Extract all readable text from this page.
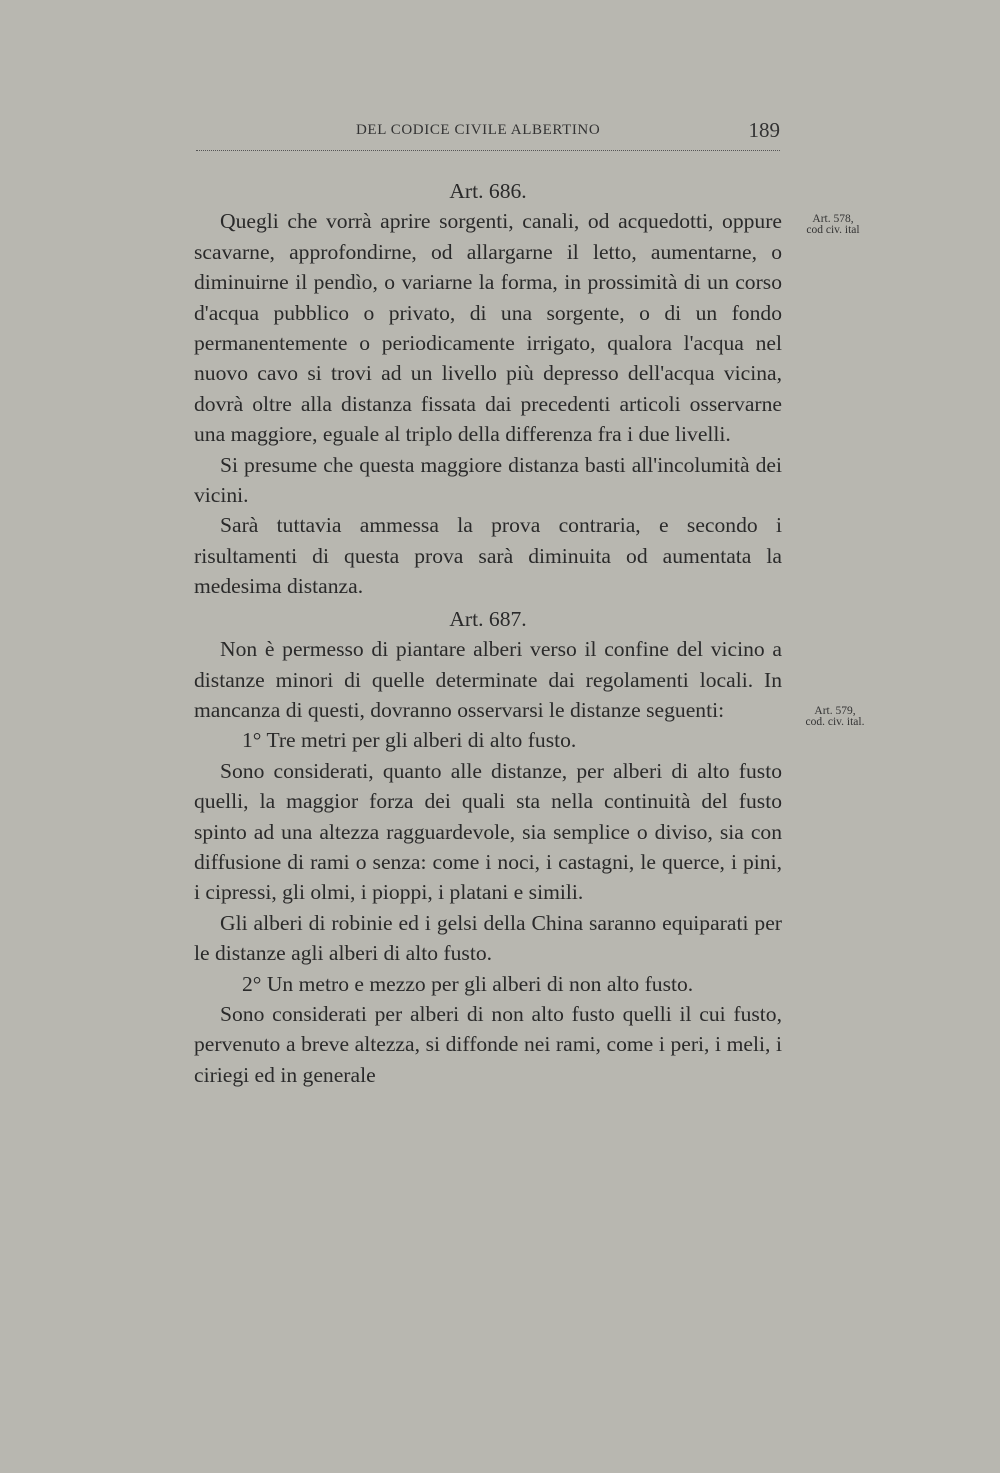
DEL CODICE CIVILE ALBERTINO	189
Art. 578,
cod civ. ital
Art. 579,
cod. civ. ital.

Art. 686.

Quegli che vorrà aprire sorgenti, canali, od acquedotti, oppure scavarne, approfondirne, od allargarne il letto, aumentarne, o diminuirne il pendìo, o variarne la forma, in prossimità di un corso d'acqua pubblico o privato, di una sorgente, o di un fondo permanentemente o periodicamente irrigato, qualora l'acqua nel nuovo cavo si trovi ad un livello più depresso dell'acqua vicina, dovrà oltre alla distanza fissata dai precedenti articoli osservarne una maggiore, eguale al triplo della differenza fra i due livelli.

Si presume che questa maggiore distanza basti all'incolumità dei vicini.

Sarà tuttavia ammessa la prova contraria, e secondo i risultamenti di questa prova sarà diminuita od aumentata la medesima distanza.

Art. 687.

Non è permesso di piantare alberi verso il confine del vicino a distanze minori di quelle determinate dai regolamenti locali. In mancanza di questi, dovranno osservarsi le distanze seguenti:

1° Tre metri per gli alberi di alto fusto.

Sono considerati, quanto alle distanze, per alberi di alto fusto quelli, la maggior forza dei quali sta nella continuità del fusto spinto ad una altezza ragguardevole, sia semplice o diviso, sia con diffusione di rami o senza: come i noci, i castagni, le querce, i pini, i cipressi, gli olmi, i pioppi, i platani e simili.

Gli alberi di robinie ed i gelsi della China saranno equiparati per le distanze agli alberi di alto fusto.

2° Un metro e mezzo per gli alberi di non alto fusto.

Sono considerati per alberi di non alto fusto quelli il cui fusto, pervenuto a breve altezza, si diffonde nei rami, come i peri, i meli, i ciriegi ed in generale
